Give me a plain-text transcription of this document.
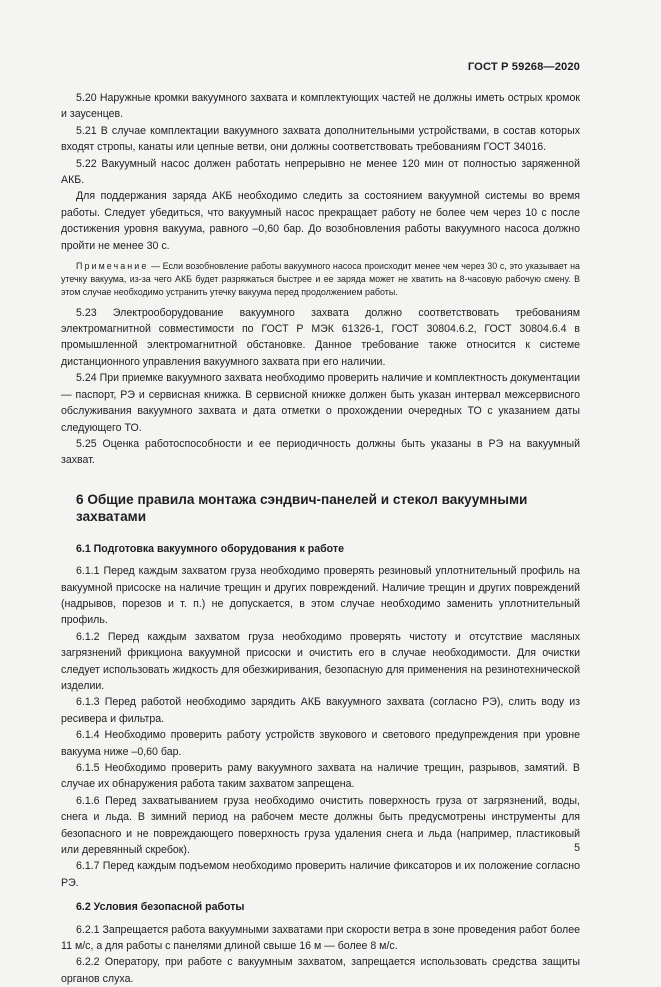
ГОСТ Р 59268—2020

5.20 Наружные кромки вакуумного захвата и комплектующих частей не должны иметь острых кромок и заусенцев.

5.21 В случае комплектации вакуумного захвата дополнительными устройствами, в состав которых входят стропы, канаты или цепные ветви, они должны соответствовать требованиям ГОСТ 34016.

5.22 Вакуумный насос должен работать непрерывно не менее 120 мин от полностью заряженной АКБ.

Для поддержания заряда АКБ необходимо следить за состоянием вакуумной системы во время работы. Следует убедиться, что вакуумный насос прекращает работу не более чем через 10 с после достижения уровня вакуума, равного –0,60 бар. До возобновления работы вакуумного насоса должно пройти не менее 30 с.

Примечание — Если возобновление работы вакуумного насоса происходит менее чем через 30 с, это указывает на утечку вакуума, из-за чего АКБ будет разряжаться быстрее и ее заряда может не хватить на 8-часовую рабочую смену. В этом случае необходимо устранить утечку вакуума перед продолжением работы.

5.23 Электрооборудование вакуумного захвата должно соответствовать требованиям электромагнитной совместимости по ГОСТ Р МЭК 61326-1, ГОСТ 30804.6.2, ГОСТ 30804.6.4 в промышленной электромагнитной обстановке. Данное требование также относится к системе дистанционного управления вакуумного захвата при его наличии.

5.24 При приемке вакуумного захвата необходимо проверить наличие и комплектность документации — паспорт, РЭ и сервисная книжка. В сервисной книжке должен быть указан интервал межсервисного обслуживания вакуумного захвата и дата отметки о прохождении очередных ТО с указанием даты следующего ТО.

5.25 Оценка работоспособности и ее периодичность должны быть указаны в РЭ на вакуумный захват.

6 Общие правила монтажа сэндвич-панелей и стекол вакуумными захватами
6.1 Подготовка вакуумного оборудования к работе

6.1.1 Перед каждым захватом груза необходимо проверять резиновый уплотнительный профиль на вакуумной присоске на наличие трещин и других повреждений. Наличие трещин и других повреждений (надрывов, порезов и т. п.) не допускается, в этом случае необходимо заменить уплотнительный профиль.

6.1.2 Перед каждым захватом груза необходимо проверять чистоту и отсутствие масляных загрязнений фрикциона вакуумной присоски и очистить его в случае необходимости. Для очистки следует использовать жидкость для обезжиривания, безопасную для применения на резинотехнической изделии.

6.1.3 Перед работой необходимо зарядить АКБ вакуумного захвата (согласно РЭ), слить воду из ресивера и фильтра.

6.1.4 Необходимо проверить работу устройств звукового и светового предупреждения при уровне вакуума ниже –0,60 бар.

6.1.5 Необходимо проверить раму вакуумного захвата на наличие трещин, разрывов, замятий. В случае их обнаружения работа таким захватом запрещена.

6.1.6 Перед захватыванием груза необходимо очистить поверхность груза от загрязнений, воды, снега и льда. В зимний период на рабочем месте должны быть предусмотрены инструменты для безопасного и не повреждающего поверхность груза удаления снега и льда (например, пластиковый или деревянный скребок).

6.1.7 Перед каждым подъемом необходимо проверить наличие фиксаторов и их положение согласно РЭ.

6.2 Условия безопасной работы

6.2.1 Запрещается работа вакуумными захватами при скорости ветра в зоне проведения работ более 11 м/с, а для работы с панелями длиной свыше 16 м — более 8 м/с.

6.2.2 Оператору, при работе с вакуумным захватом, запрещается использовать средства защиты органов слуха.

5
